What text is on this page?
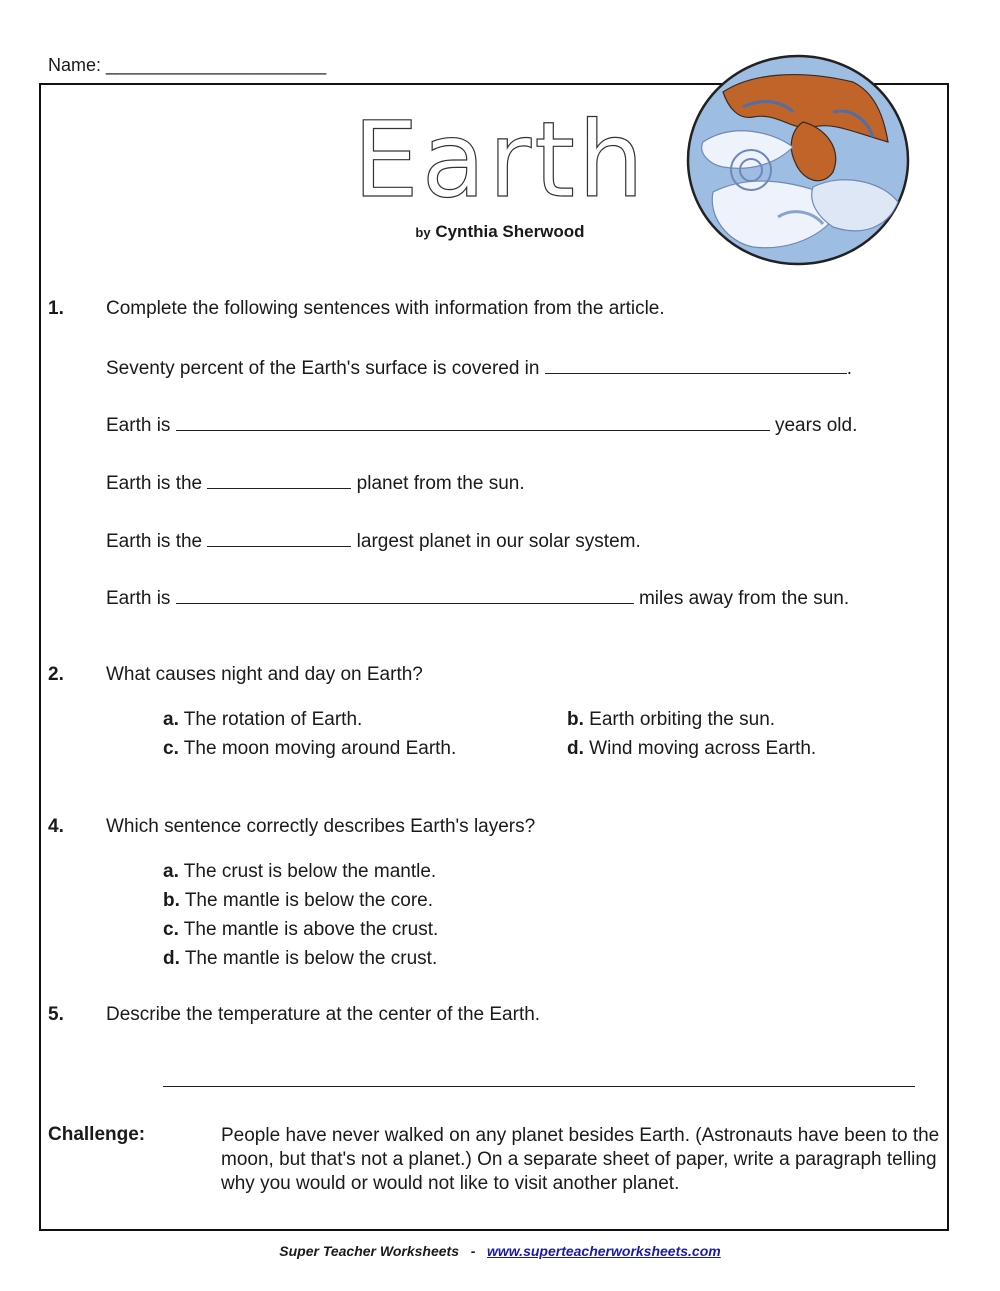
Name: ______________________
Earth
by Cynthia Sherwood
1. Complete the following sentences with information from the article.
Seventy percent of the Earth's surface is covered in	.
Earth is	years old.
Earth is the	planet from the sun.
Earth is the	largest planet in our solar system.
Earth is	miles away from the sun.
2. What causes night and day on Earth?
a. The rotation of Earth.	b. Earth orbiting the sun.
c. The moon moving around Earth.	d. Wind moving across Earth.
4. Which sentence correctly describes Earth's layers?
a. The crust is below the mantle.
b. The mantle is below the core.
c. The mantle is above the crust.
d. The mantle is below the crust.
5. Describe the temperature at the center of the Earth.
Challenge:	People have never walked on any planet besides Earth. (Astronauts have been to the moon, but that's not a planet.) On a separate sheet of paper, write a paragraph telling why you would or would not like to visit another planet.
Super Teacher Worksheets - www.superteacherworksheets.com
